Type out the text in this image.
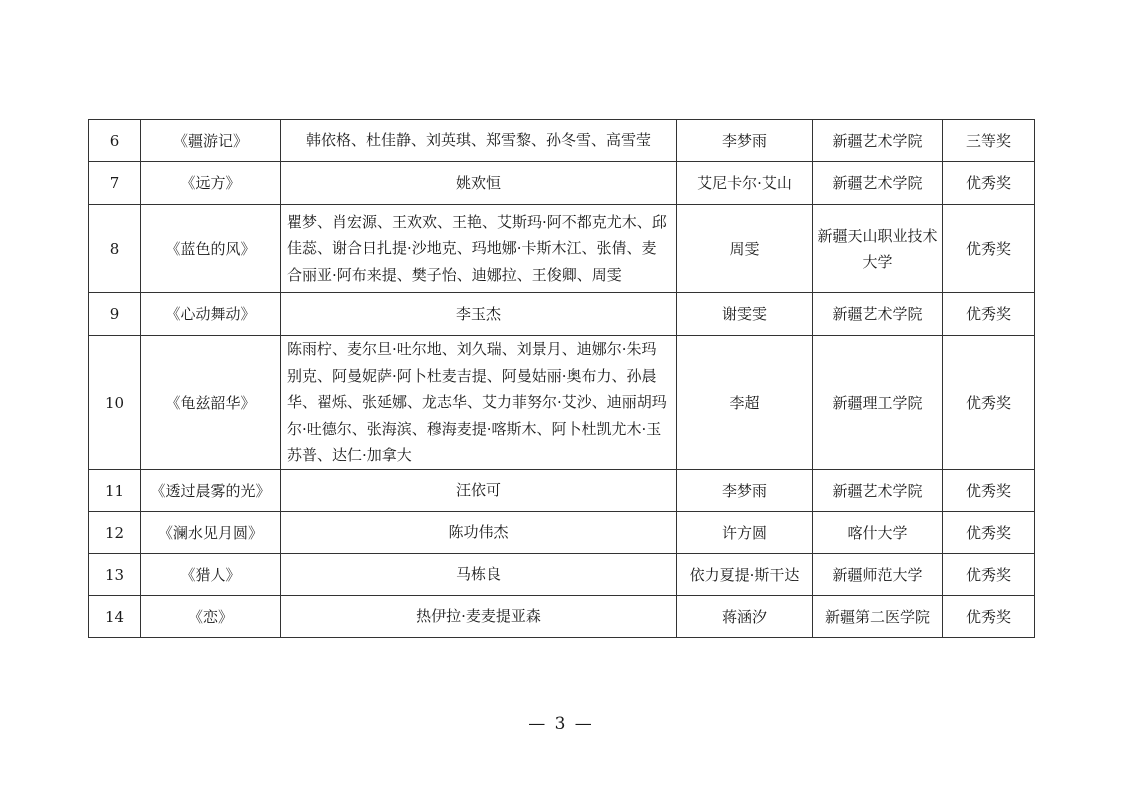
6	《疆游记》	韩依格、杜佳静、刘英琪、郑雪黎、孙冬雪、高雪莹	李梦雨	新疆艺术学院	三等奖
7	《远方》	姚欢恒	艾尼卡尔·艾山	新疆艺术学院	优秀奖
8	《蓝色的风》	瞿梦、肖宏源、王欢欢、王艳、艾斯玛·阿不都克尤木、邱佳蕊、谢合日扎提·沙地克、玛地娜·卡斯木江、张倩、麦合丽亚·阿布来提、樊子怡、迪娜拉、王俊卿、周雯	周雯	新疆天山职业技术大学	优秀奖
9	《心动舞动》	李玉杰	谢雯雯	新疆艺术学院	优秀奖
10	《龟兹韶华》	陈雨柠、麦尔旦·吐尔地、刘久瑞、刘景月、迪娜尔·朱玛别克、阿曼妮萨·阿卜杜麦吉提、阿曼姑丽·奥布力、孙晨华、翟烁、张延娜、龙志华、艾力菲努尔·艾沙、迪丽胡玛尔·吐德尔、张海滨、穆海麦提·喀斯木、阿卜杜凯尤木·玉苏普、达仁·加拿大	李超	新疆理工学院	优秀奖
11	《透过晨雾的光》	汪依可	李梦雨	新疆艺术学院	优秀奖
12	《澜水见月圆》	陈功伟杰	许方圆	喀什大学	优秀奖
13	《猎人》	马栋良	依力夏提·斯干达	新疆师范大学	优秀奖
14	《恋》	热伊拉·麦麦提亚森	蒋涵汐	新疆第二医学院	优秀奖
— 3 —
